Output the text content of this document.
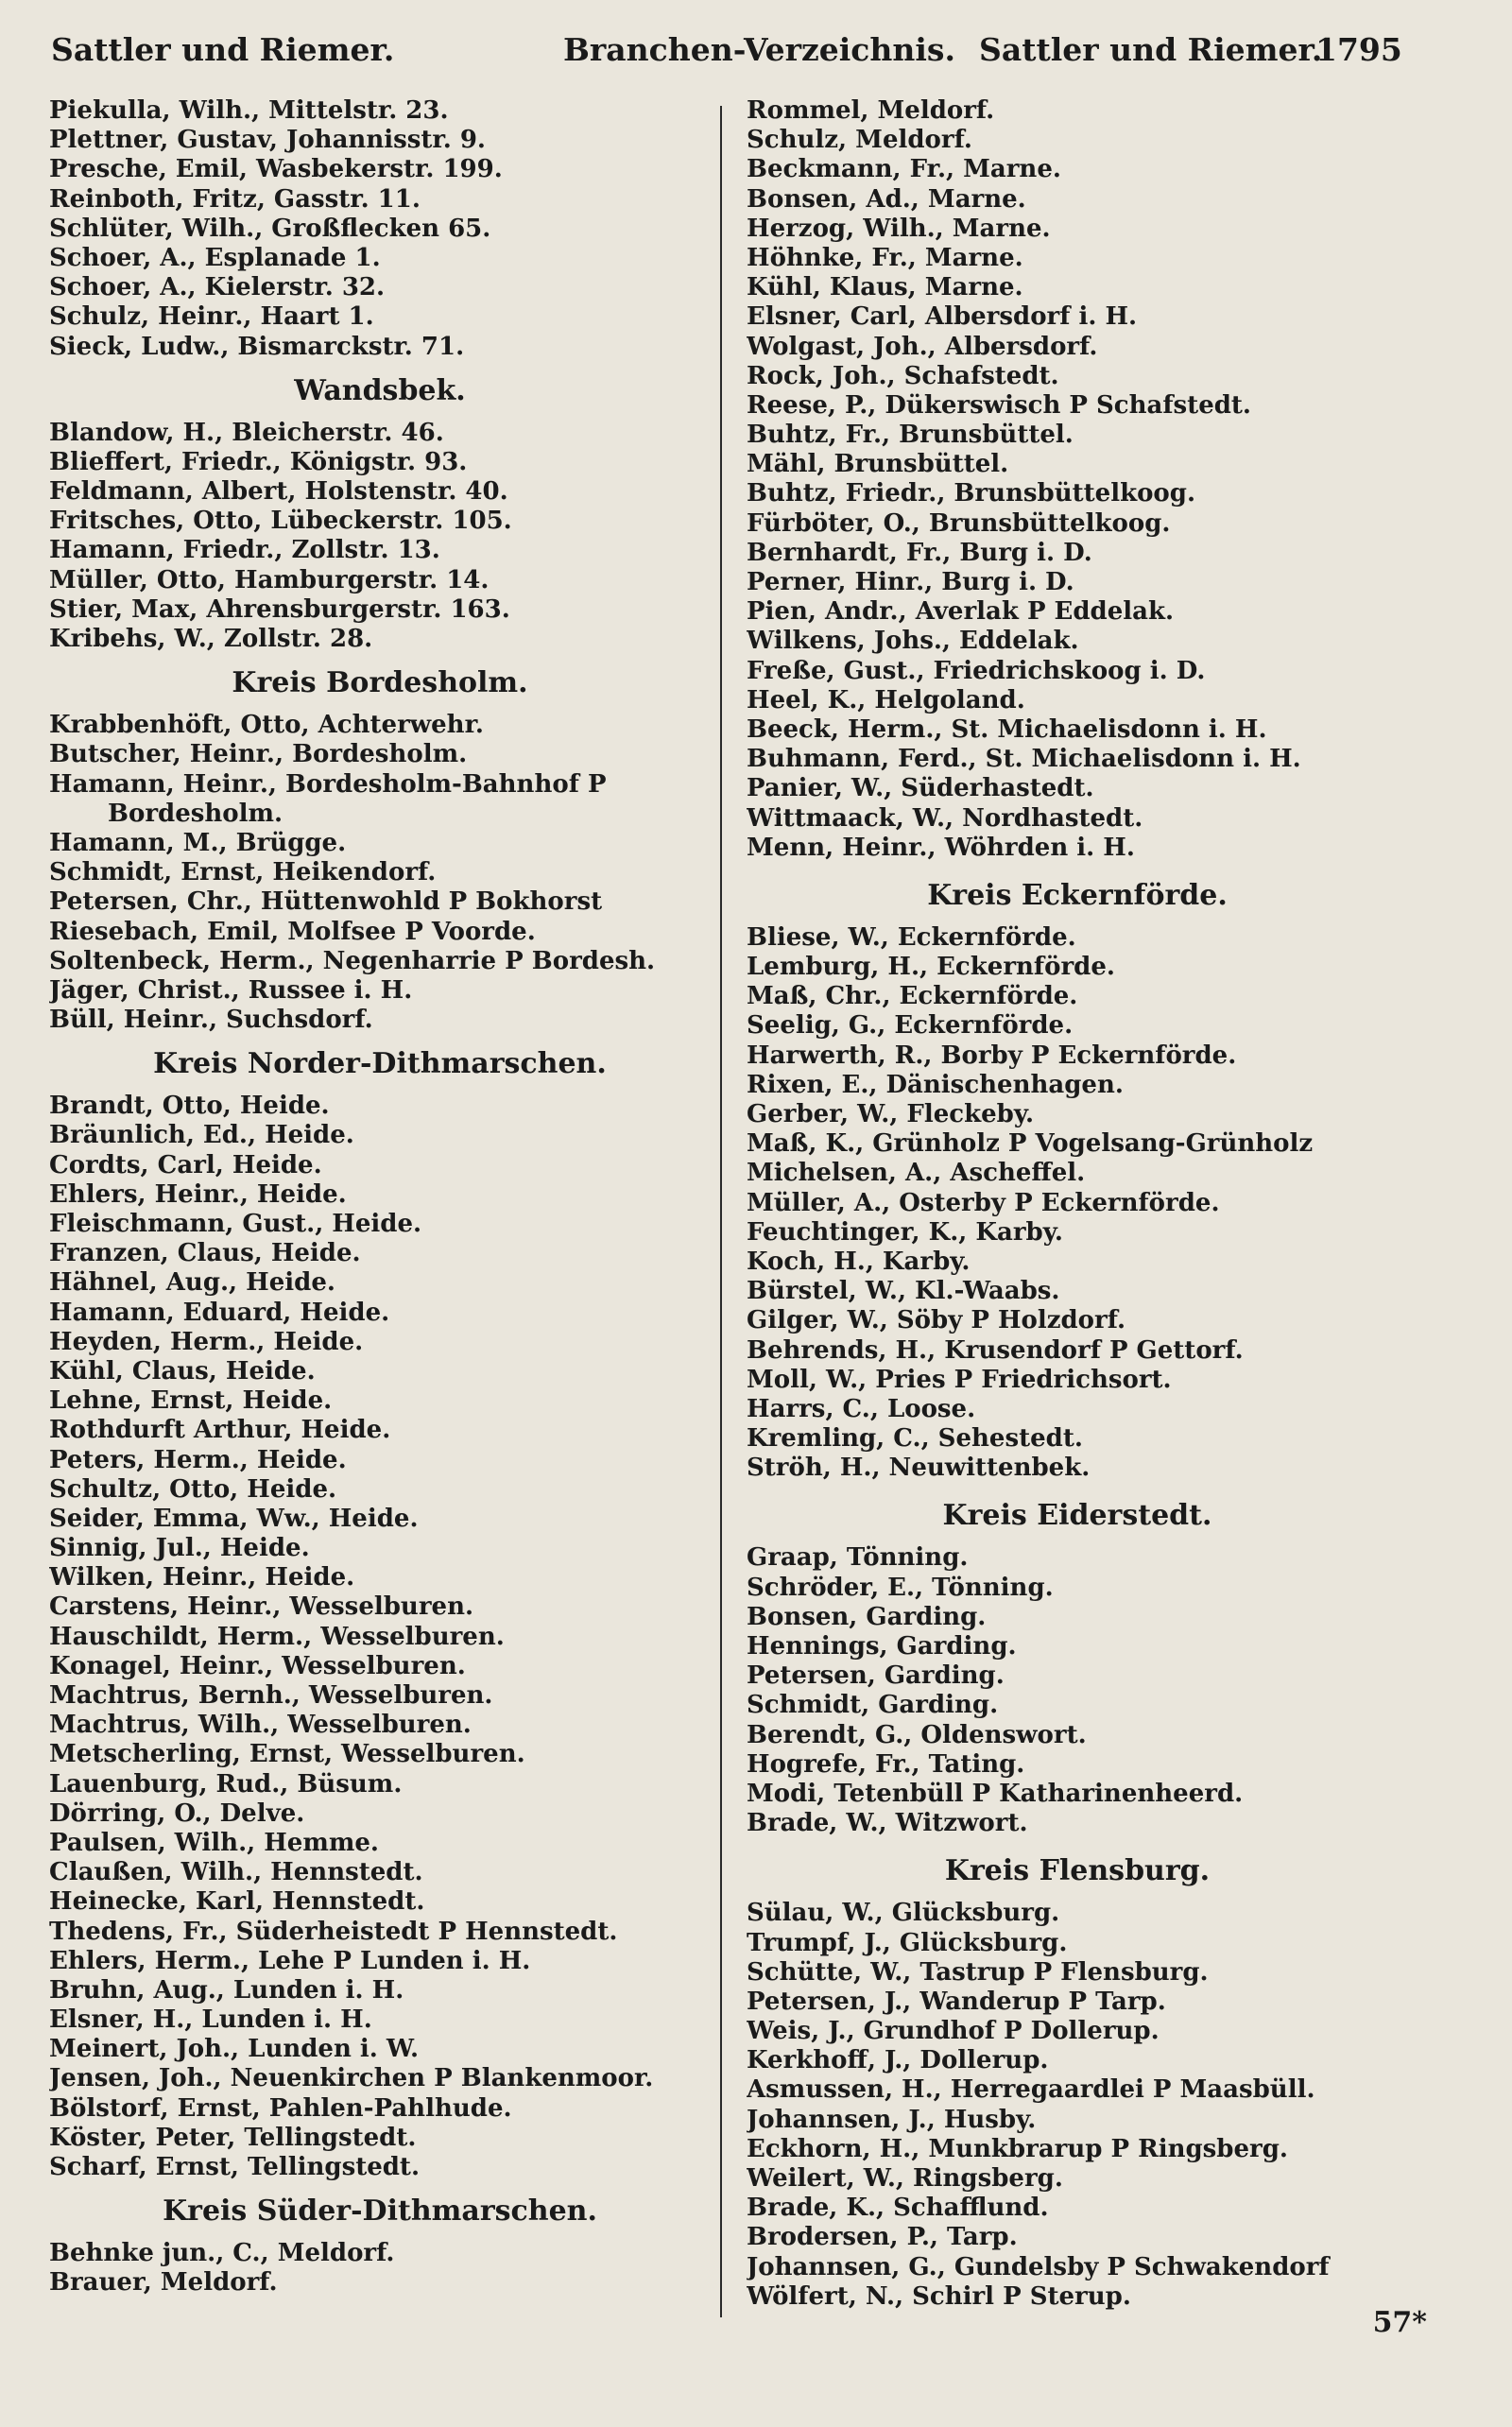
Sattler und Riemer.	Branchen-Verzeichnis. Sattler und Riemer.
1795
Piekulla, Wilh., Mittelstr. 23.
Plettner, Gustav, Johannisstr. 9.
Presche, Emil, Wasbekerstr. 199.
Reinboth, Fritz, Gasstr. 11.
Schlüter, Wilh., Großflecken 65.
Schoer, A., Esplanade 1.
Schoer, A., Kielerstr. 32.
Schulz, Heinr., Haart 1.
Sieck, Ludw., Bismarckstr. 71.
Wandsbek.
Blandow, H., Bleicherstr. 46.
Blieffert, Friedr., Königstr. 93.
Feldmann, Albert, Holstenstr. 40.
Fritsches, Otto, Lübeckerstr. 105.
Hamann, Friedr., Zollstr. 13.
Müller, Otto, Hamburgerstr. 14.
Stier, Max, Ahrensburgerstr. 163.
Kribehs, W., Zollstr. 28.
Kreis Bordesholm.
Krabbenhöft, Otto, Achterwehr.
Butscher, Heinr., Bordesholm.
Hamann, Heinr., Bordesholm-Bahnhof P
Bordesholm.
Hamann, M., Brügge.
Schmidt, Ernst, Heikendorf.
Petersen, Chr., Hüttenwohld P Bokhorst
Riesebach, Emil, Molfsee P Voorde.
Soltenbeck, Herm., Negenharrie P Bordesh.
Jäger, Christ., Russee i. H.
Büll, Heinr., Suchsdorf.
Kreis Norder-Dithmarschen.
Brandt, Otto, Heide.
Bräunlich, Ed., Heide.
Cordts, Carl, Heide.
Ehlers, Heinr., Heide.
Fleischmann, Gust., Heide.
Franzen, Claus, Heide.
Hähnel, Aug., Heide.
Hamann, Eduard, Heide.
Heyden, Herm., Heide.
Kühl, Claus, Heide.
Lehne, Ernst, Heide.
Rothdurft Arthur, Heide.
Peters, Herm., Heide.
Schultz, Otto, Heide.
Seider, Emma, Ww., Heide.
Sinnig, Jul., Heide.
Wilken, Heinr., Heide.
Carstens, Heinr., Wesselburen.
Hauschildt, Herm., Wesselburen.
Konagel, Heinr., Wesselburen.
Machtrus, Bernh., Wesselburen.
Machtrus, Wilh., Wesselburen.
Metscherling, Ernst, Wesselburen.
Lauenburg, Rud., Büsum.
Dörring, O., Delve.
Paulsen, Wilh., Hemme.
Claußen, Wilh., Hennstedt.
Heinecke, Karl, Hennstedt.
Thedens, Fr., Süderheistedt P Hennstedt.
Ehlers, Herm., Lehe P Lunden i. H.
Bruhn, Aug., Lunden i. H.
Elsner, H., Lunden i. H.
Meinert, Joh., Lunden i. W.
Jensen, Joh., Neuenkirchen P Blankenmoor.
Bölstorf, Ernst, Pahlen-Pahlhude.
Köster, Peter, Tellingstedt.
Scharf, Ernst, Tellingstedt.
Kreis Süder-Dithmarschen.
Behnke jun., C., Meldorf.
Brauer, Meldorf.
Rommel, Meldorf.
Schulz, Meldorf.
Beckmann, Fr., Marne.
Bonsen, Ad., Marne.
Herzog, Wilh., Marne.
Höhnke, Fr., Marne.
Kühl, Klaus, Marne.
Elsner, Carl, Albersdorf i. H.
Wolgast, Joh., Albersdorf.
Rock, Joh., Schafstedt.
Reese, P., Dükerswisch P Schafstedt.
Buhtz, Fr., Brunsbüttel.
Mähl, Brunsbüttel.
Buhtz, Friedr., Brunsbüttelkoog.
Fürböter, O., Brunsbüttelkoog.
Bernhardt, Fr., Burg i. D.
Perner, Hinr., Burg i. D.
Pien, Andr., Averlak P Eddelak.
Wilkens, Johs., Eddelak.
Freße, Gust., Friedrichskoog i. D.
Heel, K., Helgoland.
Beeck, Herm., St. Michaelisdonn i. H.
Buhmann, Ferd., St. Michaelisdonn i. H.
Panier, W., Süderhastedt.
Wittmaack, W., Nordhastedt.
Menn, Heinr., Wöhrden i. H.
Kreis Eckernförde.
Bliese, W., Eckernförde.
Lemburg, H., Eckernförde.
Maß, Chr., Eckernförde.
Seelig, G., Eckernförde.
Harwerth, R., Borby P Eckernförde.
Rixen, E., Dänischenhagen.
Gerber, W., Fleckeby.
Maß, K., Grünholz P Vogelsang-Grünholz
Michelsen, A., Ascheffel.
Müller, A., Osterby P Eckernförde.
Feuchtinger, K., Karby.
Koch, H., Karby.
Bürstel, W., Kl.-Waabs.
Gilger, W., Söby P Holzdorf.
Behrends, H., Krusendorf P Gettorf.
Moll, W., Pries P Friedrichsort.
Harrs, C., Loose.
Kremling, C., Sehestedt.
Ströh, H., Neuwittenbek.
Kreis Eiderstedt.
Graap, Tönning.
Schröder, E., Tönning.
Bonsen, Garding.
Hennings, Garding.
Petersen, Garding.
Schmidt, Garding.
Berendt, G., Oldenswort.
Hogrefe, Fr., Tating.
Modi, Tetenbüll P Katharinenheerd.
Brade, W., Witzwort.
Kreis Flensburg.
Sülau, W., Glücksburg.
Trumpf, J., Glücksburg.
Schütte, W., Tastrup P Flensburg.
Petersen, J., Wanderup P Tarp.
Weis, J., Grundhof P Dollerup.
Kerkhoff, J., Dollerup.
Asmussen, H., Herregaardlei P Maasbüll.
Johannsen, J., Husby.
Eckhorn, H., Munkbrarup P Ringsberg.
Weilert, W., Ringsberg.
Brade, K., Schafflund.
Brodersen, P., Tarp.
Johannsen, G., Gundelsby P Schwakendorf
Wölfert, N., Schirl P Sterup.
57*
